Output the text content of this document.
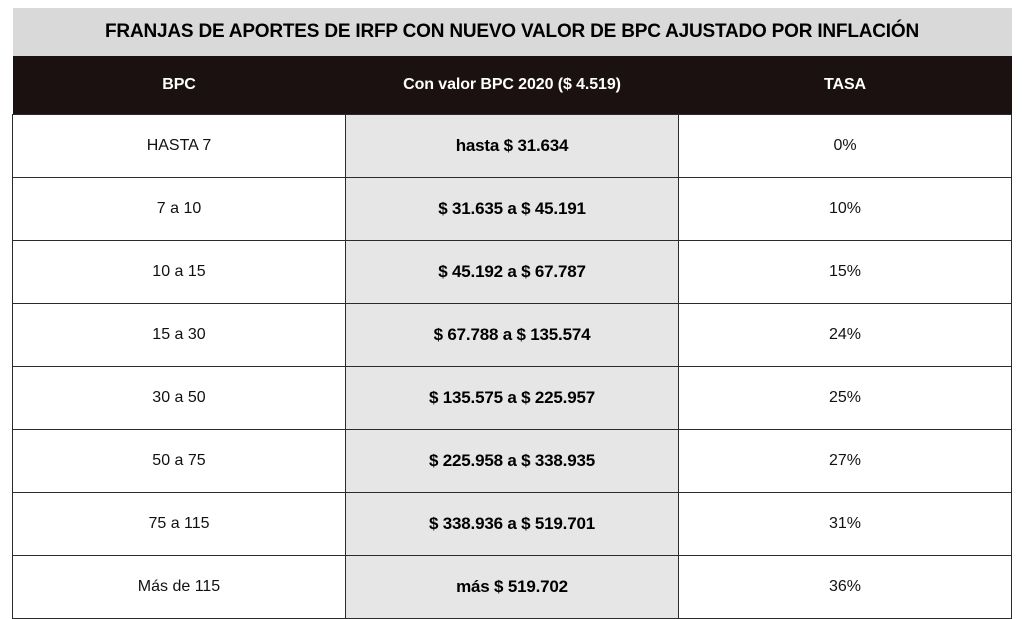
FRANJAS DE APORTES DE IRFP CON NUEVO VALOR DE BPC AJUSTADO POR INFLACIÓN		
BPC	Con valor BPC 2020 ($ 4.519)	TASA
HASTA 7	hasta $ 31.634	0%
7 a 10	$ 31.635 a $ 45.191	10%
10 a 15	$ 45.192 a $ 67.787	15%
15 a 30	$ 67.788 a $ 135.574	24%
30 a 50	$ 135.575 a $ 225.957	25%
50 a 75	$ 225.958 a $ 338.935	27%
75 a 115	$ 338.936 a $ 519.701	31%
Más de 115	más $ 519.702	36%
